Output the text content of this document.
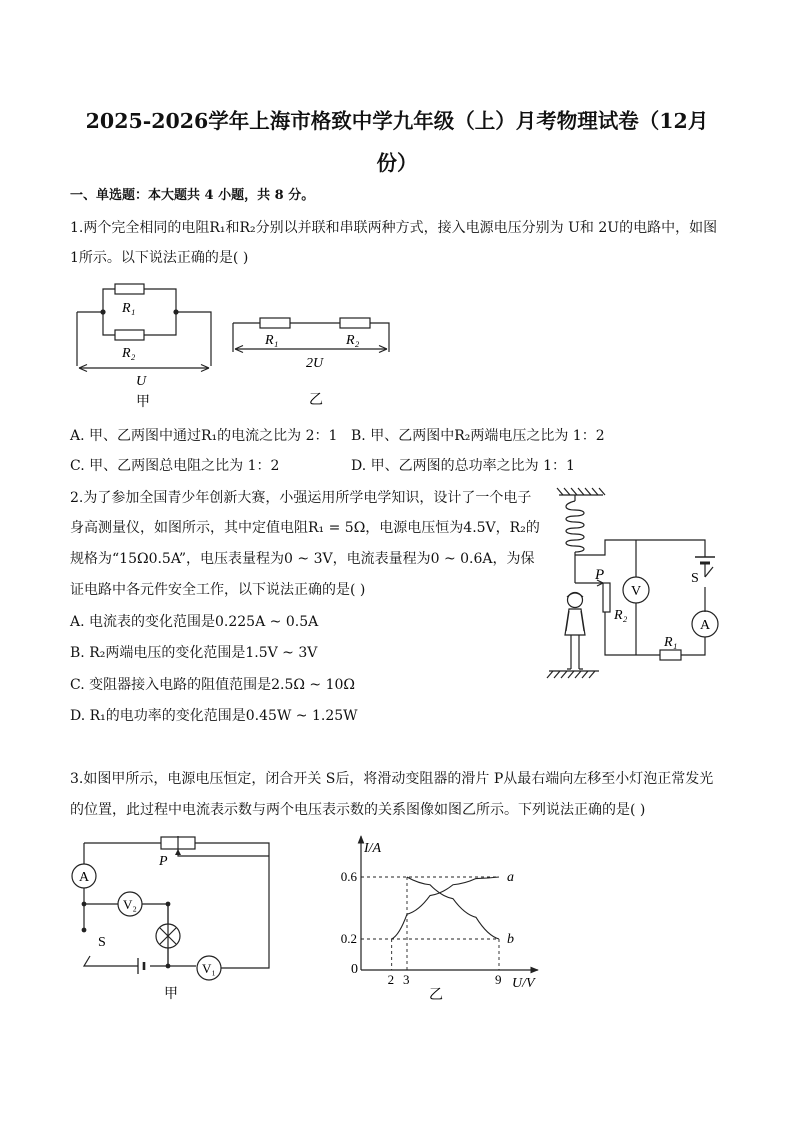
2025-2026学年上海市格致中学九年级（上）月考物理试卷（12月
份）
一、单选题：本大题共 4 小题，共 8 分。
1.两个完全相同的电阻R₁和R₂分别以并联和串联两种方式，接入电源电压分别为 U和 2U的电路中，如图
1所示。以下说法正确的是( )
R₁
R₂
U
甲
R₁	R₂
2U
乙
A. 甲、乙两图中通过R₁的电流之比为 2：1 B. 甲、乙两图中R₂两端电压之比为 1：2
C. 甲、乙两图总电阻之比为 1：2	D. 甲、乙两图的总功率之比为 1：1
2.为了参加全国青少年创新大赛，小强运用所学电学知识，设计了一个电子
身高测量仪，如图所示，其中定值电阻R₁ = 5Ω，电源电压恒为4.5V，R₂的
规格为“15Ω0.5A”，电压表量程为0 ~ 3V，电流表量程为0 ~ 0.6A，为保
证电路中各元件安全工作，以下说法正确的是( )
A. 电流表的变化范围是0.225A ~ 0.5A
B. R₂两端电压的变化范围是1.5V ~ 3V
C. 变阻器接入电路的阻值范围是2.5Ω ~ 10Ω
D. R₁的电功率的变化范围是0.45W ~ 1.25W
P
V
S
A
R₂
R₁
3.如图甲所示，电源电压恒定，闭合开关 S后，将滑动变阻器的滑片 P从最右端向左移至小灯泡正常发光
的位置，此过程中电流表示数与两个电压表示数的关系图像如图乙所示。下列说法正确的是( )
A
P
V₂
V₁
S
甲
2 3	9
0.2
0.6	a
b
I/A
U/V
0
乙
